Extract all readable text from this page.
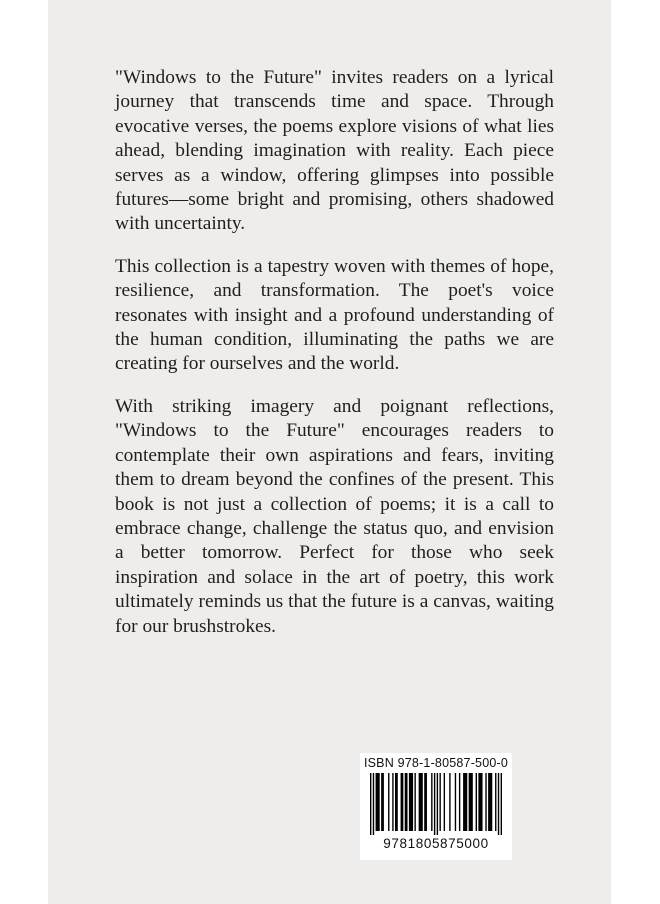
"Windows to the Future" invites readers on a lyrical journey that transcends time and space. Through evocative verses, the poems explore visions of what lies ahead, blending imagination with reality. Each piece serves as a window, offering glimpses into possible futures—some bright and promising, others shadowed with uncertainty.

This collection is a tapestry woven with themes of hope, resilience, and transformation. The poet's voice resonates with insight and a profound understanding of the human condition, illuminating the paths we are creating for ourselves and the world.

With striking imagery and poignant reflections, "Windows to the Future" encourages readers to contemplate their own aspirations and fears, inviting them to dream beyond the confines of the present. This book is not just a collection of poems; it is a call to embrace change, challenge the status quo, and envision a better tomorrow. Perfect for those who seek inspiration and solace in the art of poetry, this work ultimately reminds us that the future is a canvas, waiting for our brushstrokes.

ISBN 978-1-80587-500-0
9781805875000
